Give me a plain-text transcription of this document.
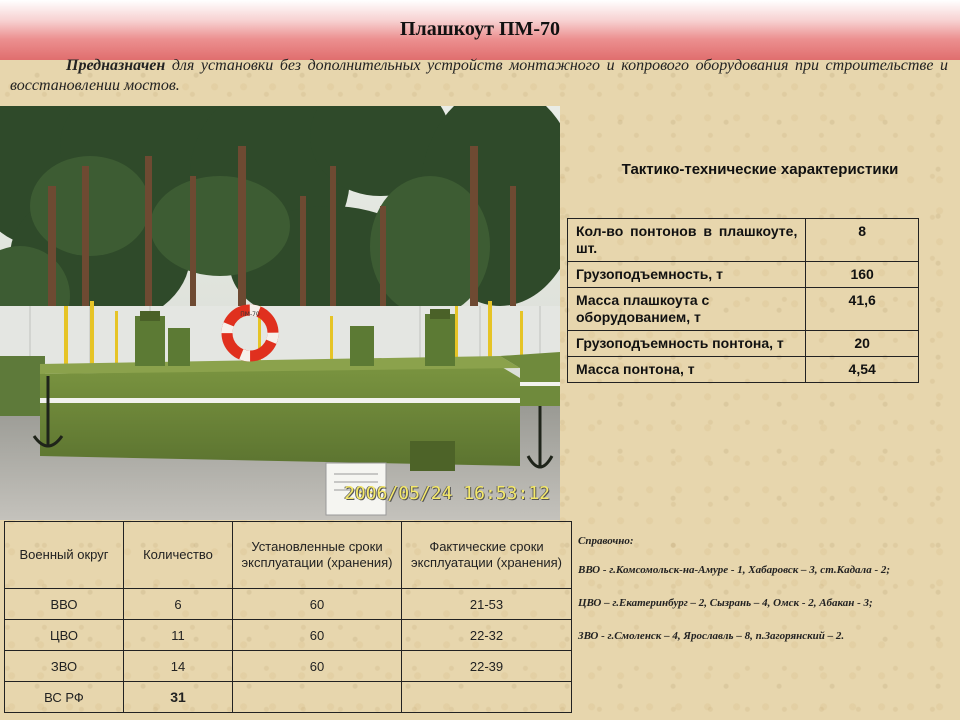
Плашкоут ПМ-70
Предназначен для установки без дополнительных устройств монтажного и копрового оборудования при строительстве и восстановлении мостов.
ПМ-70
2006/05/24 16:53:12
Тактико-технические характеристики
Кол-во понтонов в плашкоуте, шт.	8
Грузоподъемность, т	160
Масса плашкоута с оборудованием, т	41,6
Грузоподъемность понтона, т	20
Масса понтона, т	4,54
Военный округ	Количество	Установленные сроки эксплуатации (хранения)	Фактические сроки эксплуатации (хранения)
ВВО	6	60	21-53
ЦВО	11	60	22-32
ЗВО	14	60	22-39
ВС РФ	31		

Справочно:

ВВО - г.Комсомольск-на-Амуре - 1, Хабаровск – 3, ст.Кадала - 2;

ЦВО – г.Екатеринбург – 2, Сызрань – 4, Омск - 2, Абакан - 3;

ЗВО - г.Смоленск – 4, Ярославль – 8, п.Загорянский – 2.
